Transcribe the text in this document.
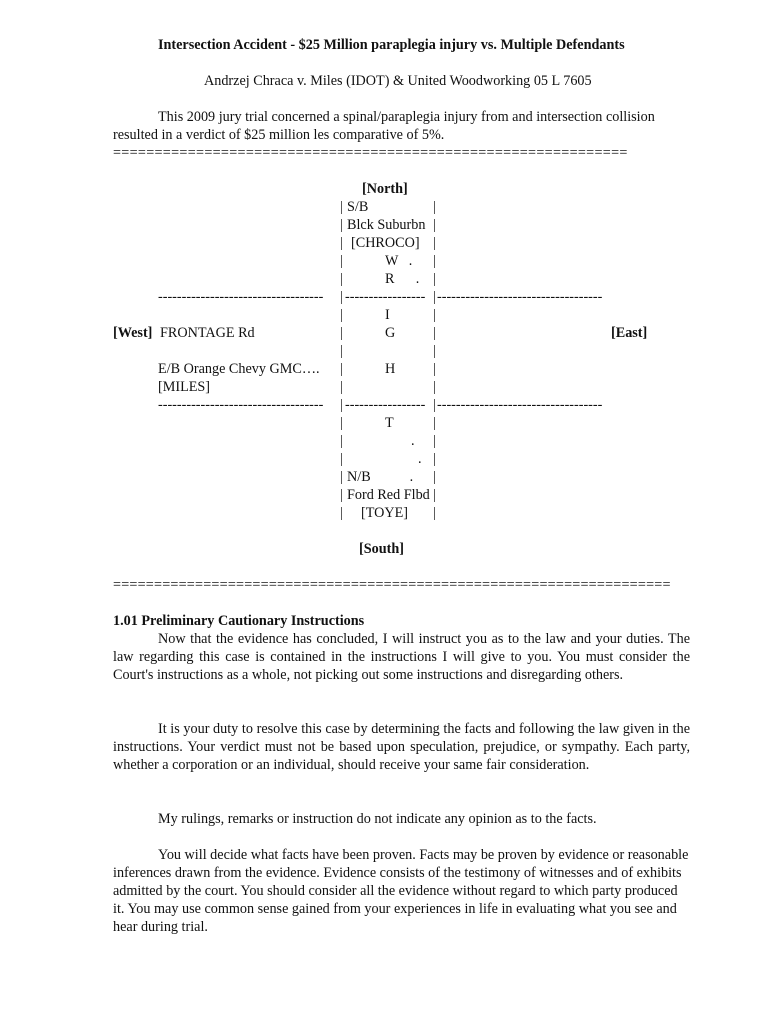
Intersection Accident - $25 Million paraplegia injury vs. Multiple Defendants
Andrzej Chraca v. Miles (IDOT) & United Woodworking 05 L 7605
This 2009 jury trial concerned a spinal/paraplegia injury from and intersection collision resulted in a verdict of $25 million les comparative of 5%.
==============================================================
[North]
|
|
|
|
|
|
|
|
|
|
S/B
Blck Suburbn
[CHROCO]
W   .
R      .
----------------------------------- | ----------------- | -----------------------------------
|
|
|
|
|
|
|
|
|
|
I
G
H
[West] FRONTAGE Rd	[East]
E/B Orange Chevy GMC….
[MILES]
----------------------------------- | ----------------- | -----------------------------------
|
|
|
|
|
|
|
|
|
|
|
|
T
.
.
N/B           .
Ford Red Flbd
[TOYE]
[South]
====================================================================
1.01 Preliminary Cautionary Instructions
Now that the evidence has concluded, I will instruct you as to the law and your duties. The law regarding this case is contained in the instructions I will give to you. You must consider the Court's instructions as a whole, not picking out some instructions and disregarding others.
It is your duty to resolve this case by determining the facts and following the law given in the instructions. Your verdict must not be based upon speculation, prejudice, or sympathy. Each party, whether a corporation or an individual, should receive your same fair consideration.
My rulings, remarks or instruction do not indicate any opinion as to the facts.
You will decide what facts have been proven. Facts may be proven by evidence or reasonable inferences drawn from the evidence. Evidence consists of the testimony of witnesses and of exhibits admitted by the court. You should consider all the evidence without regard to which party produced it. You may use common sense gained from your experiences in life in evaluating what you see and hear during trial.
